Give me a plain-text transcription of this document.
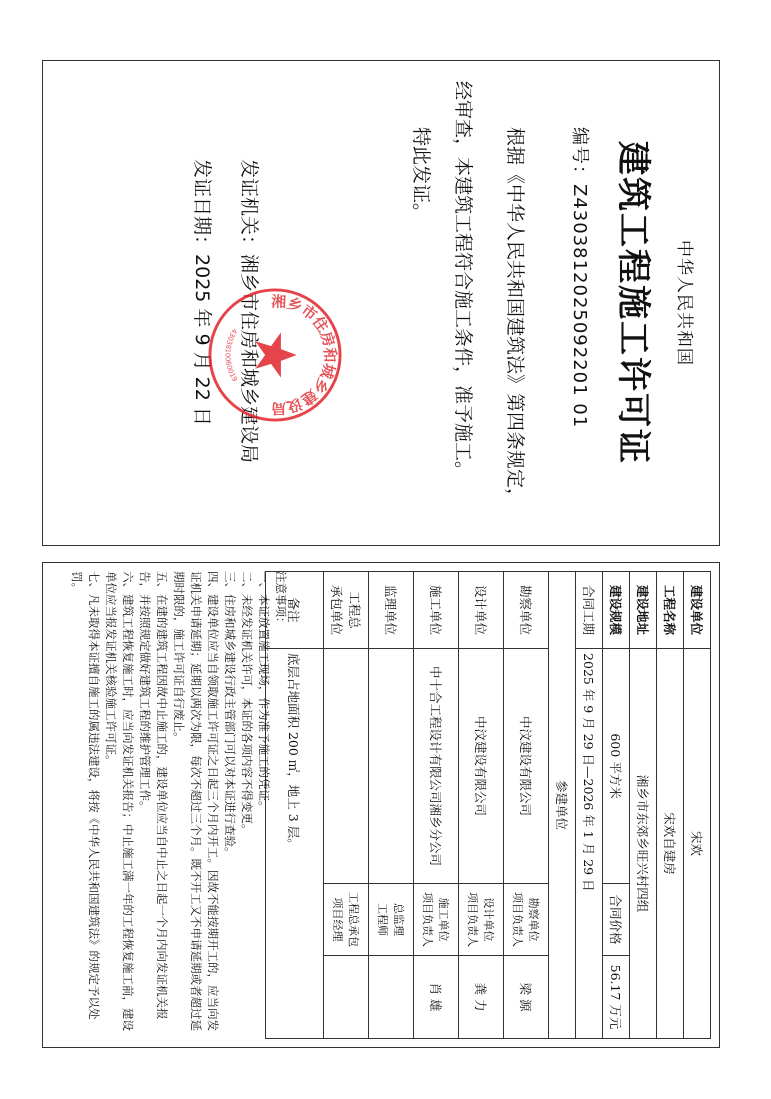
中华人民共和国
建筑工程施工许可证
编号：Z4303812025092201 01
根据《中华人民共和国建筑法》第四条规定，
经审查，本建筑工程符合施工条件，准予施工。
特此发证。
发证机关：湘乡市住房和城乡建设局
发证日期：2025 年 9 月 22 日	湘乡市住房和城乡建设局
4303810060019
建设单位	宋欢		
工程名称	宋欢自建房		
建设地址	湘乡市东郊乡旺兴村四组		
建设规模	600 平方米	合同价格	56.17 万元
合同工期	2025 年 9 月 29 日—2026 年 1 月 29 日		
参建单位			
勘察单位	中汶建设有限公司	勘察单位
项目负责人	梁 源
设计单位	中汶建设有限公司	设计单位
项目负责人	龚 力
施工单位	中十合工程设计有限公司湘乡分公司	施工单位
项目负责人	肖 雄
监理单位		总监理
工程师	
工程总
承包单位		工程总承包
项目经理	
备注	底层占地面积 200 ㎡，地上 3 层。		

注意事项：

一、本证放置施工现场，作为准予施工的凭证。

二、未经发证机关许可，本证的各项内容不得变更。

三、住房和城乡建设行政主管部门可以对本证进行查验。

四、建设单位应当自领取施工许可证之日起三个月内开工。因故不能按期开工的，应当向发证机关申请延期；延期以两次为限，每次不超过三个月。既不开工又不申请延期或者超过延期时限的，施工许可证自行废止。

五、在建的建筑工程因故中止施工的，建设单位应当自中止之日起一个月内向发证机关报告，并按照规定做好建筑工程的维护管理工作。

六、建筑工程恢复施工时，应当向发证机关报告；中止施工满一年的工程恢复施工前，建设单位应当报发证机关核验施工许可证。

七、凡未取得本证擅自施工的属违法建设，将按《中华人民共和国建筑法》的规定予以处罚。
